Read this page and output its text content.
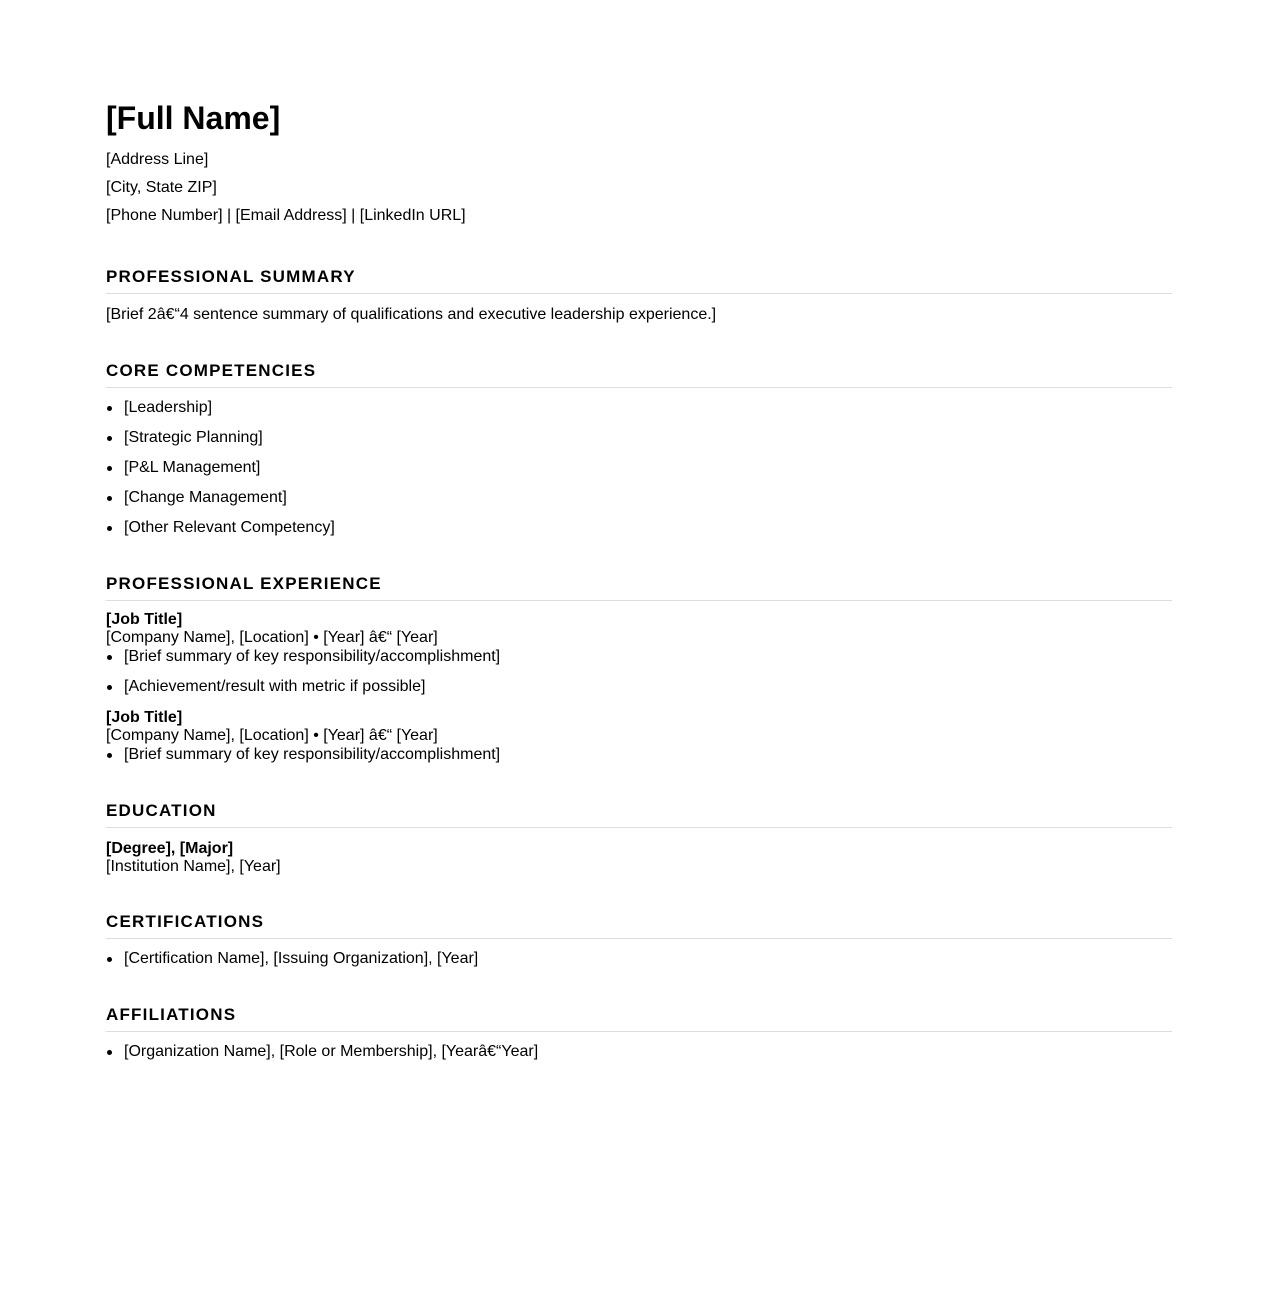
[Full Name]

[Address Line]

[City, State ZIP]

[Phone Number] | [Email Address] | [LinkedIn URL]

PROFESSIONAL SUMMARY

[Brief 2â€“4 sentence summary of qualifications and executive leadership experience.]

CORE COMPETENCIES
[Leadership]
[Strategic Planning]
[P&L Management]
[Change Management]
[Other Relevant Competency]
PROFESSIONAL EXPERIENCE
[Job Title]
[Company Name], [Location] • [Year] â€“ [Year]
[Brief summary of key responsibility/accomplishment]
[Achievement/result with metric if possible]
[Job Title]
[Company Name], [Location] • [Year] â€“ [Year]
[Brief summary of key responsibility/accomplishment]
EDUCATION
[Degree], [Major]
[Institution Name], [Year]
CERTIFICATIONS
[Certification Name], [Issuing Organization], [Year]
AFFILIATIONS
[Organization Name], [Role or Membership], [Yearâ€“Year]
